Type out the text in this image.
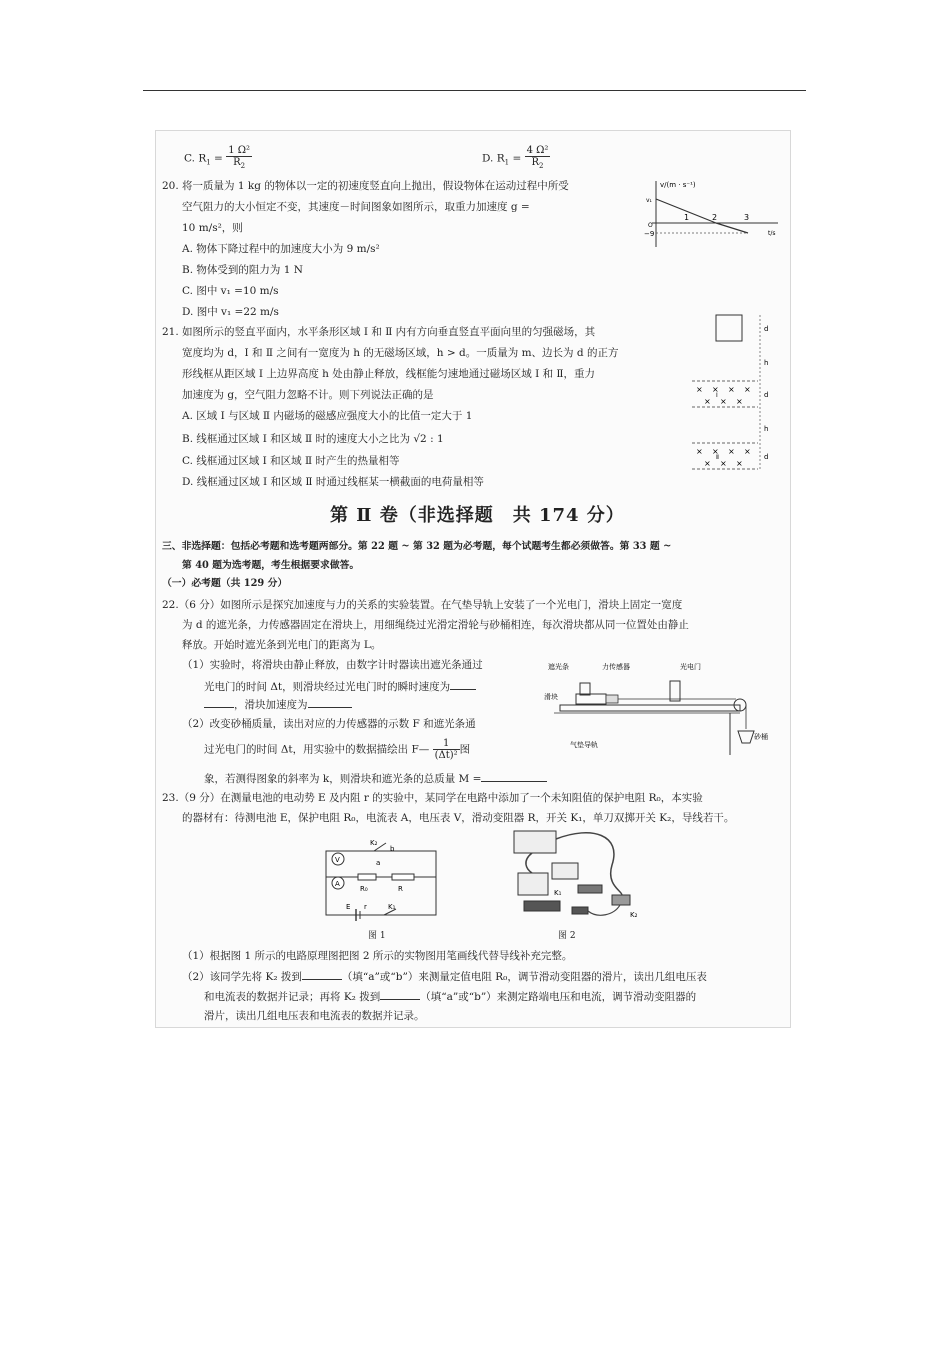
C. $R_1 = \frac{\text{1 Ω²}}{R_2}$	D. $R_1 = \frac{\text{4 Ω²}}{R_2}$
20. 将一质量为 1 kg 的物体以一定的初速度竖直向上抛出，假设物体在运动过程中所受
空气阻力的大小恒定不变，其速度－时间图象如图所示，取重力加速度 g =
10 m/s²，则
A. 物体下降过程中的加速度大小为 9 m/s²
B. 物体受到的阻力为 1 N
C. 图中 v₁ =10 m/s
D. 图中 v₁ =22 m/s
v/(m · s⁻¹)
t/s
v₁
O
−9
1	2	3
21. 如图所示的竖直平面内，水平条形区域 Ⅰ 和 Ⅱ 内有方向垂直竖直平面向里的匀强磁场，其
宽度均为 d，Ⅰ 和 Ⅱ 之间有一宽度为 h 的无磁场区域，h > d。一质量为 m、边长为 d 的正方
形线框从距区域 Ⅰ 上边界高度 h 处由静止释放，线框能匀速地通过磁场区域 Ⅰ 和 Ⅱ，重力
加速度为 g，空气阻力忽略不计。则下列说法正确的是
A. 区域 Ⅰ 与区域 Ⅱ 内磁场的磁感应强度大小的比值一定大于 1
B. 线框通过区域 Ⅰ 和区域 Ⅱ 时的速度大小之比为 √2 : 1
C. 线框通过区域 Ⅰ 和区域 Ⅱ 时产生的热量相等
D. 线框通过区域 Ⅰ 和区域 Ⅱ 时通过线框某一横截面的电荷量相等
d
h
× × × ×
× × ×
Ⅰ	d
h
× × × ×
× × ×
Ⅱ	d
第 Ⅱ 卷（非选择题　共 174 分）
三、非选择题：包括必考题和选考题两部分。第 22 题 ~ 第 32 题为必考题，每个试题考生都必须做答。第 33 题 ~
第 40 题为选考题，考生根据要求做答。
（一）必考题（共 129 分）
22.（6 分）如图所示是探究加速度与力的关系的实验装置。在气垫导轨上安装了一个光电门，滑块上固定一宽度
为 d 的遮光条，力传感器固定在滑块上，用细绳绕过光滑定滑轮与砂桶相连，每次滑块都从同一位置处由静止
释放。开始时遮光条到光电门的距离为 L。
（1）实验时，将滑块由静止释放，由数字计时器读出遮光条通过
光电门的时间 Δt，则滑块经过光电门时的瞬时速度为
，滑块加速度为
（2）改变砂桶质量，读出对应的力传感器的示数 F 和遮光条通
过光电门的时间 Δt，用实验中的数据描绘出 F— $\frac{1}{\text{(Δt)²}}$ 图
象，若测得图象的斜率为 k，则滑块和遮光条的总质量 M =
遮光条	力传感器	光电门
滑块
气垫导轨
砂桶
23.（9 分）在测量电池的电动势 E 及内阻 r 的实验中，某同学在电路中添加了一个未知阻值的保护电阻 R₀，本实验
的器材有：待测电池 E，保护电阻 R₀，电流表 A，电压表 V，滑动变阻器 R，开关 K₁，单刀双掷开关 K₂，导线若干。
V
A
R₀	R
K₂
a
b
E r	K₁
图 1
K₁
K₂
图 2
（1）根据图 1 所示的电路原理图把图 2 所示的实物图用笔画线代替导线补充完整。
（2）该同学先将 K₂ 拨到	（填“a”或“b”）来测量定值电阻 R₀，调节滑动变阻器的滑片，读出几组电压表
和电流表的数据并记录；再将 K₂ 拨到	（填“a”或“b”）来测定路端电压和电流，调节滑动变阻器的
滑片，读出几组电压表和电流表的数据并记录。
